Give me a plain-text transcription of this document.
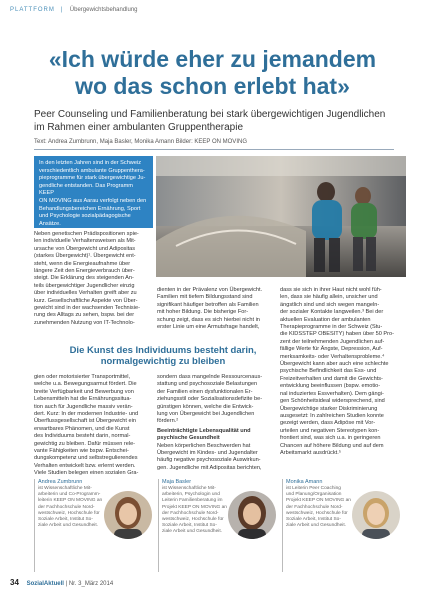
PLATTFORM | Übergewichtsbehandlung
«Ich würde eher zu jemandem
wo das schon erlebt hat»
Peer Counseling und Familienberatung bei stark übergewichtigen Jugendlichen
im Rahmen einer ambulanten Gruppentherapie
Text: Andrea Zumbrunn, Maja Basler, Monika Amann Bilder: KEEP ON MOVING
In den letzten Jahren sind in der Schweiz
verschiedentlich ambulante Gruppenthera-
pieprogramme für stark übergewichtige Ju-
gendliche entstanden. Das Programm KEEP
ON MOVING aus Aarau verfolgt neben den
Behandlungsbereichen Ernährung, Sport
und Psychologie sozialpädagogische Ansätze.

Neben genetischen Prädispositionen spie-

len individuelle Verhaltensweisen als Mit-

ursache von Übergewicht und Adipositas

(starkes Übergewicht)¹. Übergewicht ent-

steht, wenn die Energieaufnahme über

längere Zeit den Energieverbrauch über-

steigt. Die Erklärung des steigenden An-

teils übergewichtiger Jugendlicher einzig

über individuelles Verhalten greift aber zu

kurz. Gesellschaftliche Aspekte von Über-

gewicht sind in der wachsenden Technisie-

rung des Alltags zu sehen, bspw. bei der

zunehmenden Nutzung von IT-Technolo-

dienten in der Prävalenz von Übergewicht.

Familien mit tiefem Bildungsstand sind

signifikant häufiger betroffen als Familien

mit hoher Bildung. Die bisherige For-

schung zeigt, dass es sich hierbei nicht in

erster Linie um eine Armutsfrage handelt,

Die Kunst des Individuums besteht darin,
normalgewichtig zu bleiben

gien oder motorisierter Transportmittel,

welche u.a. Bewegungsarmut fördert. Die

breite Verfügbarkeit und Bewerbung von

Lebensmitteln hat die Ernährungssitua-

tion auch für Jugendliche massiv verän-

dert. Kurz: In der modernen Industrie- und

Überflussgesellschaft ist Übergewicht ein

erwartbares Phänomen, und die Kunst

des Individuums besteht darin, normal-

gewichtig zu bleiben. Dafür müssen rele-

vante Fähigkeiten wie bspw. Entschei-

dungskompetenz und selbstregulierendes

Verhalten entwickelt bzw. erlernt werden.

Viele Studien belegen einen sozialen Gra-

sondern dass mangelnde Ressourcenaus-

stattung und psychosoziale Belastungen

der Familien einen dysfunktionalen Er-

ziehungsstil oder Sozialisationsdefizite be-

günstigen können, welche die Entwick-

lung von Übergewicht bei Jugendlichen

fördern.²

Beeinträchtigte Lebensqualität und
psychische Gesundheit

Neben körperlichen Beschwerden hat

Übergewicht im Kindes- und Jugendalter

häufig negative psychosoziale Auswirkun-

gen. Jugendliche mit Adipositas berichten,

dass sie sich in ihrer Haut nicht wohl füh-

len, dass sie häufig allein, unsicher und

ängstlich sind und sich wegen mangeln-

der sozialer Kontakte langweilen.³ Bei der

aktuellen Evaluation der ambulanten

Therapieprogramme in der Schweiz (Stu-

die KIDSSTEP OBESITY) haben über 50 Pro-

zent der teilnehmenden Jugendlichen auf-

fällige Werte für Ängste, Depression, Auf-

merksamkeits- oder Verhaltensprobleme.⁴

Übergewicht kann aber auch eine schlechte

psychische Befindlichkeit das Ess- und

Freizeitverhalten und damit die Gewichts-

entwicklung beeinflussen (bspw. emotio-

nal induziertes Essverhalten). Dem gängi-

gen Schönheitsideal widersprechend, sind

Übergewichtige starker Diskriminierung

ausgesetzt: In zahlreichen Studien konnte

gezeigt werden, dass Adipöse mit Vor-

urteilen und negativen Stereotypen kon-

frontiert sind, was sich u.a. in geringeren

Chancen auf höhere Bildung und auf dem

Arbeitsmarkt ausdrückt.⁵

Andrea Zumbrunn
ist Wissenschaftliche Mit-
arbeiterin und Co-Programm-
leiterin KEEP ON MOVING an
der Fachhochschule Nord-
westschweiz, Hochschule für
Soziale Arbeit, Institut So-
ziale Arbeit und Gesundheit.
Maja Basler
ist Wissenschaftliche Mit-
arbeiterin, Psychologin und
Leiterin Familienberatung im
Projekt KEEP ON MOVING an
der Fachhochschule Nord-
westschweiz, Hochschule für
Soziale Arbeit, Institut So-
ziale Arbeit und Gesundheit.
Monika Amann
ist Leiterin Peer Coaching
und Planung/Organisation
Projekt KEEP ON MOVING an
der Fachhochschule Nord-
westschweiz, Hochschule für
Soziale Arbeit, Institut So-
ziale Arbeit und Gesundheit.
34 SozialAktuell | Nr. 3_März 2014
